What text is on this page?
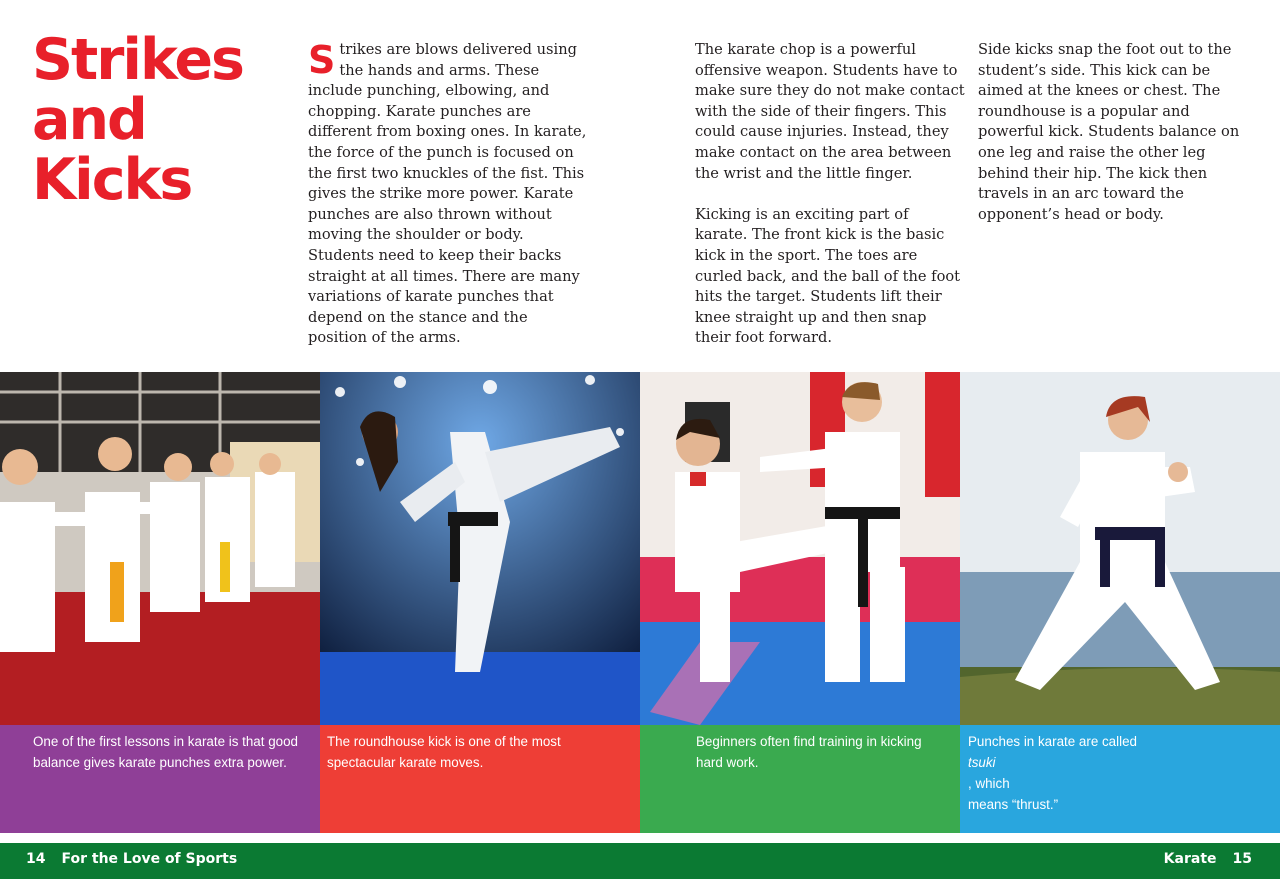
Strikes
and Kicks

Strikes are blows delivered using the hands and arms. These include punching, elbowing, and chopping. Karate punches are different from boxing ones. In karate, the force of the punch is focused on the first two knuckles of the fist. This gives the strike more power. Karate punches are also thrown without moving the shoulder or body. Students need to keep their backs straight at all times. There are many variations of karate punches that depend on the stance and the position of the arms.

The karate chop is a powerful offensive weapon. Students have to make sure they do not make contact with the side of their fingers. This could cause injuries. Instead, they make contact on the area between the wrist and the little finger.

Kicking is an exciting part of karate. The front kick is the basic kick in the sport. The toes are curled back, and the ball of the foot hits the target. Students lift their knee straight up and then snap their foot forward.

Side kicks snap the foot out to the student’s side. This kick can be aimed at the knees or chest. The roundhouse is a popular and powerful kick. Students balance on one leg and raise the other leg behind their hip. The kick then travels in an arc toward the opponent’s head or body.

One of the first lessons in karate is that good
balance gives karate punches extra power.
The roundhouse kick is one of the most
spectacular karate moves.
Beginners often find training in kicking
hard work.
Punches in karate are called
tsuki
, which
means “thrust.”
14 For the Love of Sports	Karate 15
